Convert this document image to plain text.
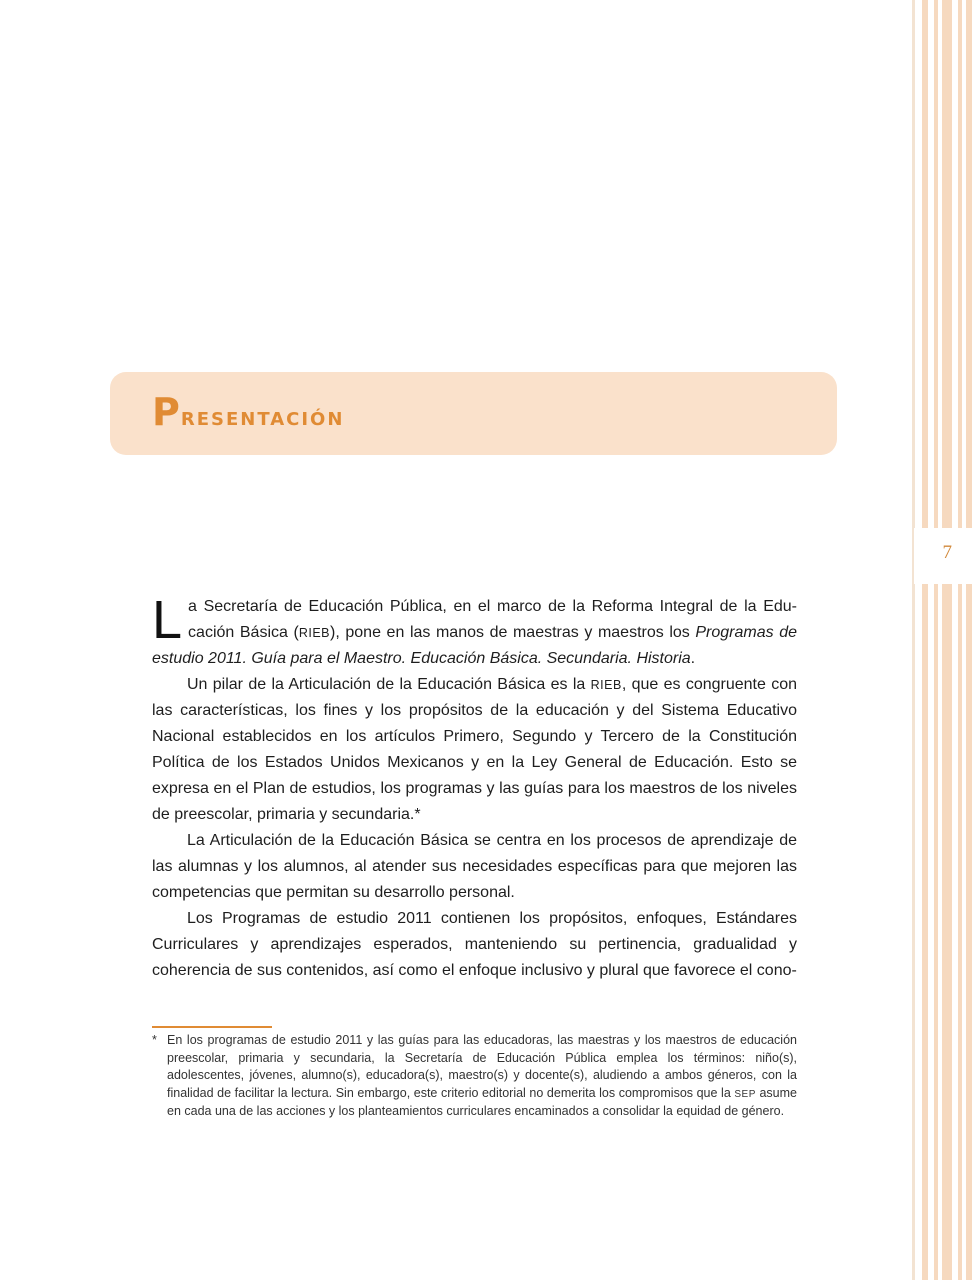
7
Presentación

La Secretaría de Educación Pública, en el marco de la Reforma Integral de la Educación Básica (RIEB), pone en las manos de maestras y maestros los Programas de estudio 2011. Guía para el Maestro. Educación Básica. Secundaria. Historia.

Un pilar de la Articulación de la Educación Básica es la RIEB, que es congruente con las características, los fines y los propósitos de la educación y del Sistema Educativo Nacional establecidos en los artículos Primero, Segundo y Tercero de la Constitución Política de los Estados Unidos Mexicanos y en la Ley General de Educación. Esto se expresa en el Plan de estudios, los programas y las guías para los maestros de los niveles de preescolar, primaria y secundaria.*

La Articulación de la Educación Básica se centra en los procesos de aprendizaje de las alumnas y los alumnos, al atender sus necesidades específicas para que mejoren las competencias que permitan su desarrollo personal.

Los Programas de estudio 2011 contienen los propósitos, enfoques, Estándares Curriculares y aprendizajes esperados, manteniendo su pertinencia, gradualidad y coherencia de sus contenidos, así como el enfoque inclusivo y plural que favorece el cono-

* En los programas de estudio 2011 y las guías para las educadoras, las maestras y los maestros de educación preescolar, primaria y secundaria, la Secretaría de Educación Pública emplea los términos: niño(s), adolescentes, jóvenes, alumno(s), educadora(s), maestro(s) y docente(s), aludiendo a ambos géneros, con la finalidad de facilitar la lectura. Sin embargo, este criterio editorial no demerita los compromisos que la SEP asume en cada una de las acciones y los planteamientos curriculares encaminados a consolidar la equidad de género.
